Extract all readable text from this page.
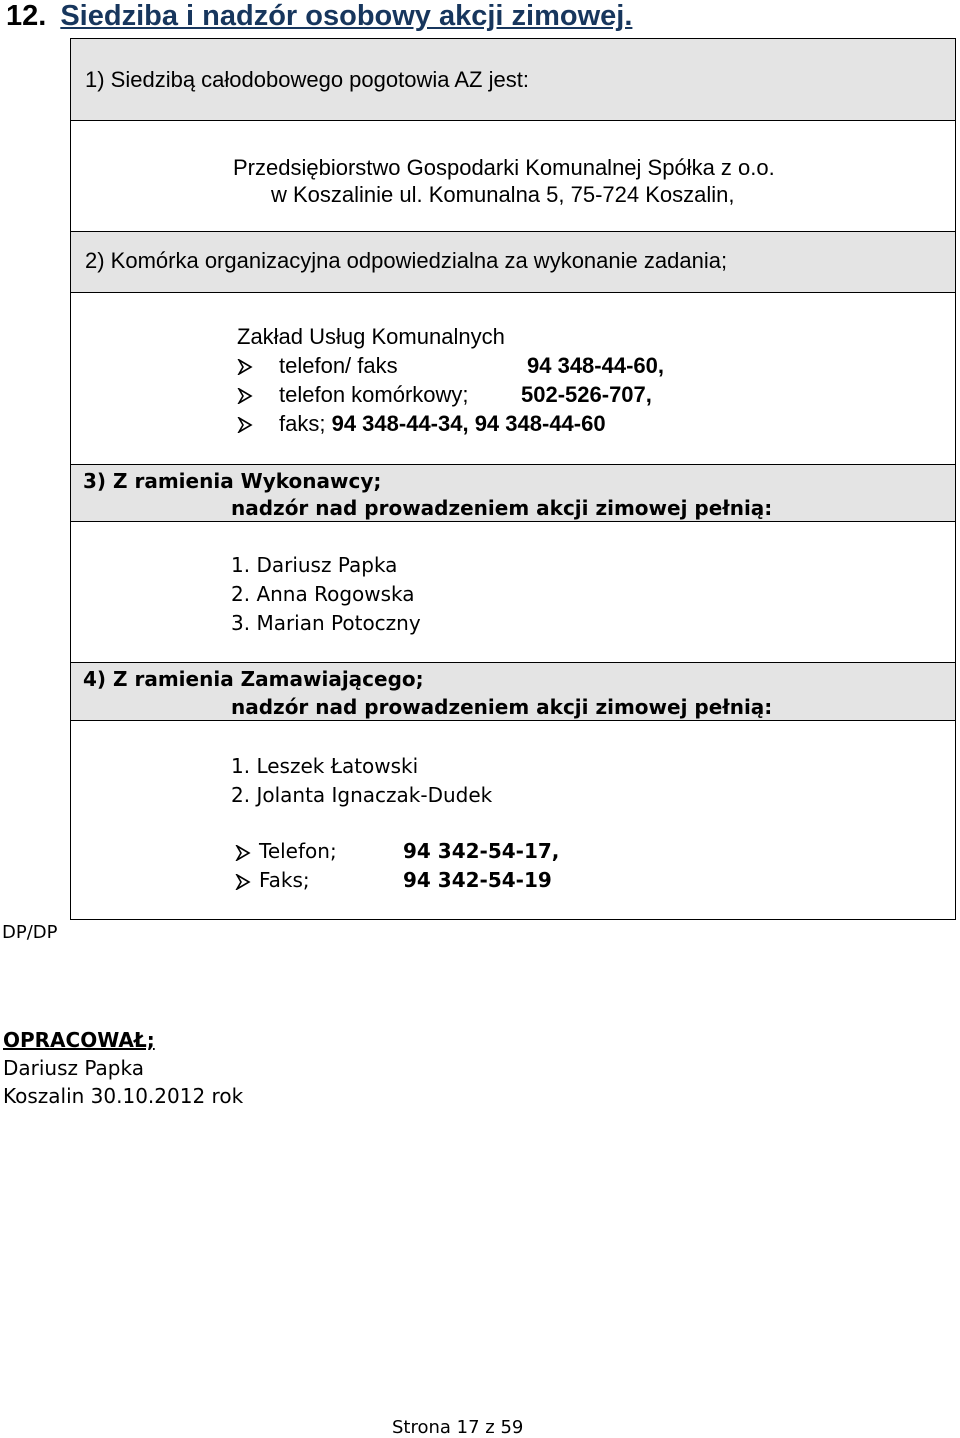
12. Siedziba i nadzór osobowy akcji zimowej.
1) Siedzibą całodobowego pogotowia AZ jest:
Przedsiębiorstwo Gospodarki Komunalnej Spółka z o.o.
w Koszalinie ul. Komunalna 5, 75-724 Koszalin,
2) Komórka organizacyjna odpowiedzialna za wykonanie zadania;
Zakład Usług Komunalnych
telefon/ faks	94 348-44-60,
telefon komórkowy; 502-526-707,
faks; 94 348-44-34, 94 348-44-60
3) Z ramienia Wykonawcy;
nadzór nad prowadzeniem akcji zimowej pełnią:
1. Dariusz Papka
2. Anna Rogowska
3. Marian Potoczny
4) Z ramienia Zamawiającego;
nadzór nad prowadzeniem akcji zimowej pełnią:
1. Leszek Łatowski
2. Jolanta Ignaczak-Dudek
Telefon;	94 342-54-17,
Faks;	94 342-54-19
DP/DP
OPRACOWAŁ;
Dariusz Papka
Koszalin 30.10.2012 rok
Strona 17 z 59
